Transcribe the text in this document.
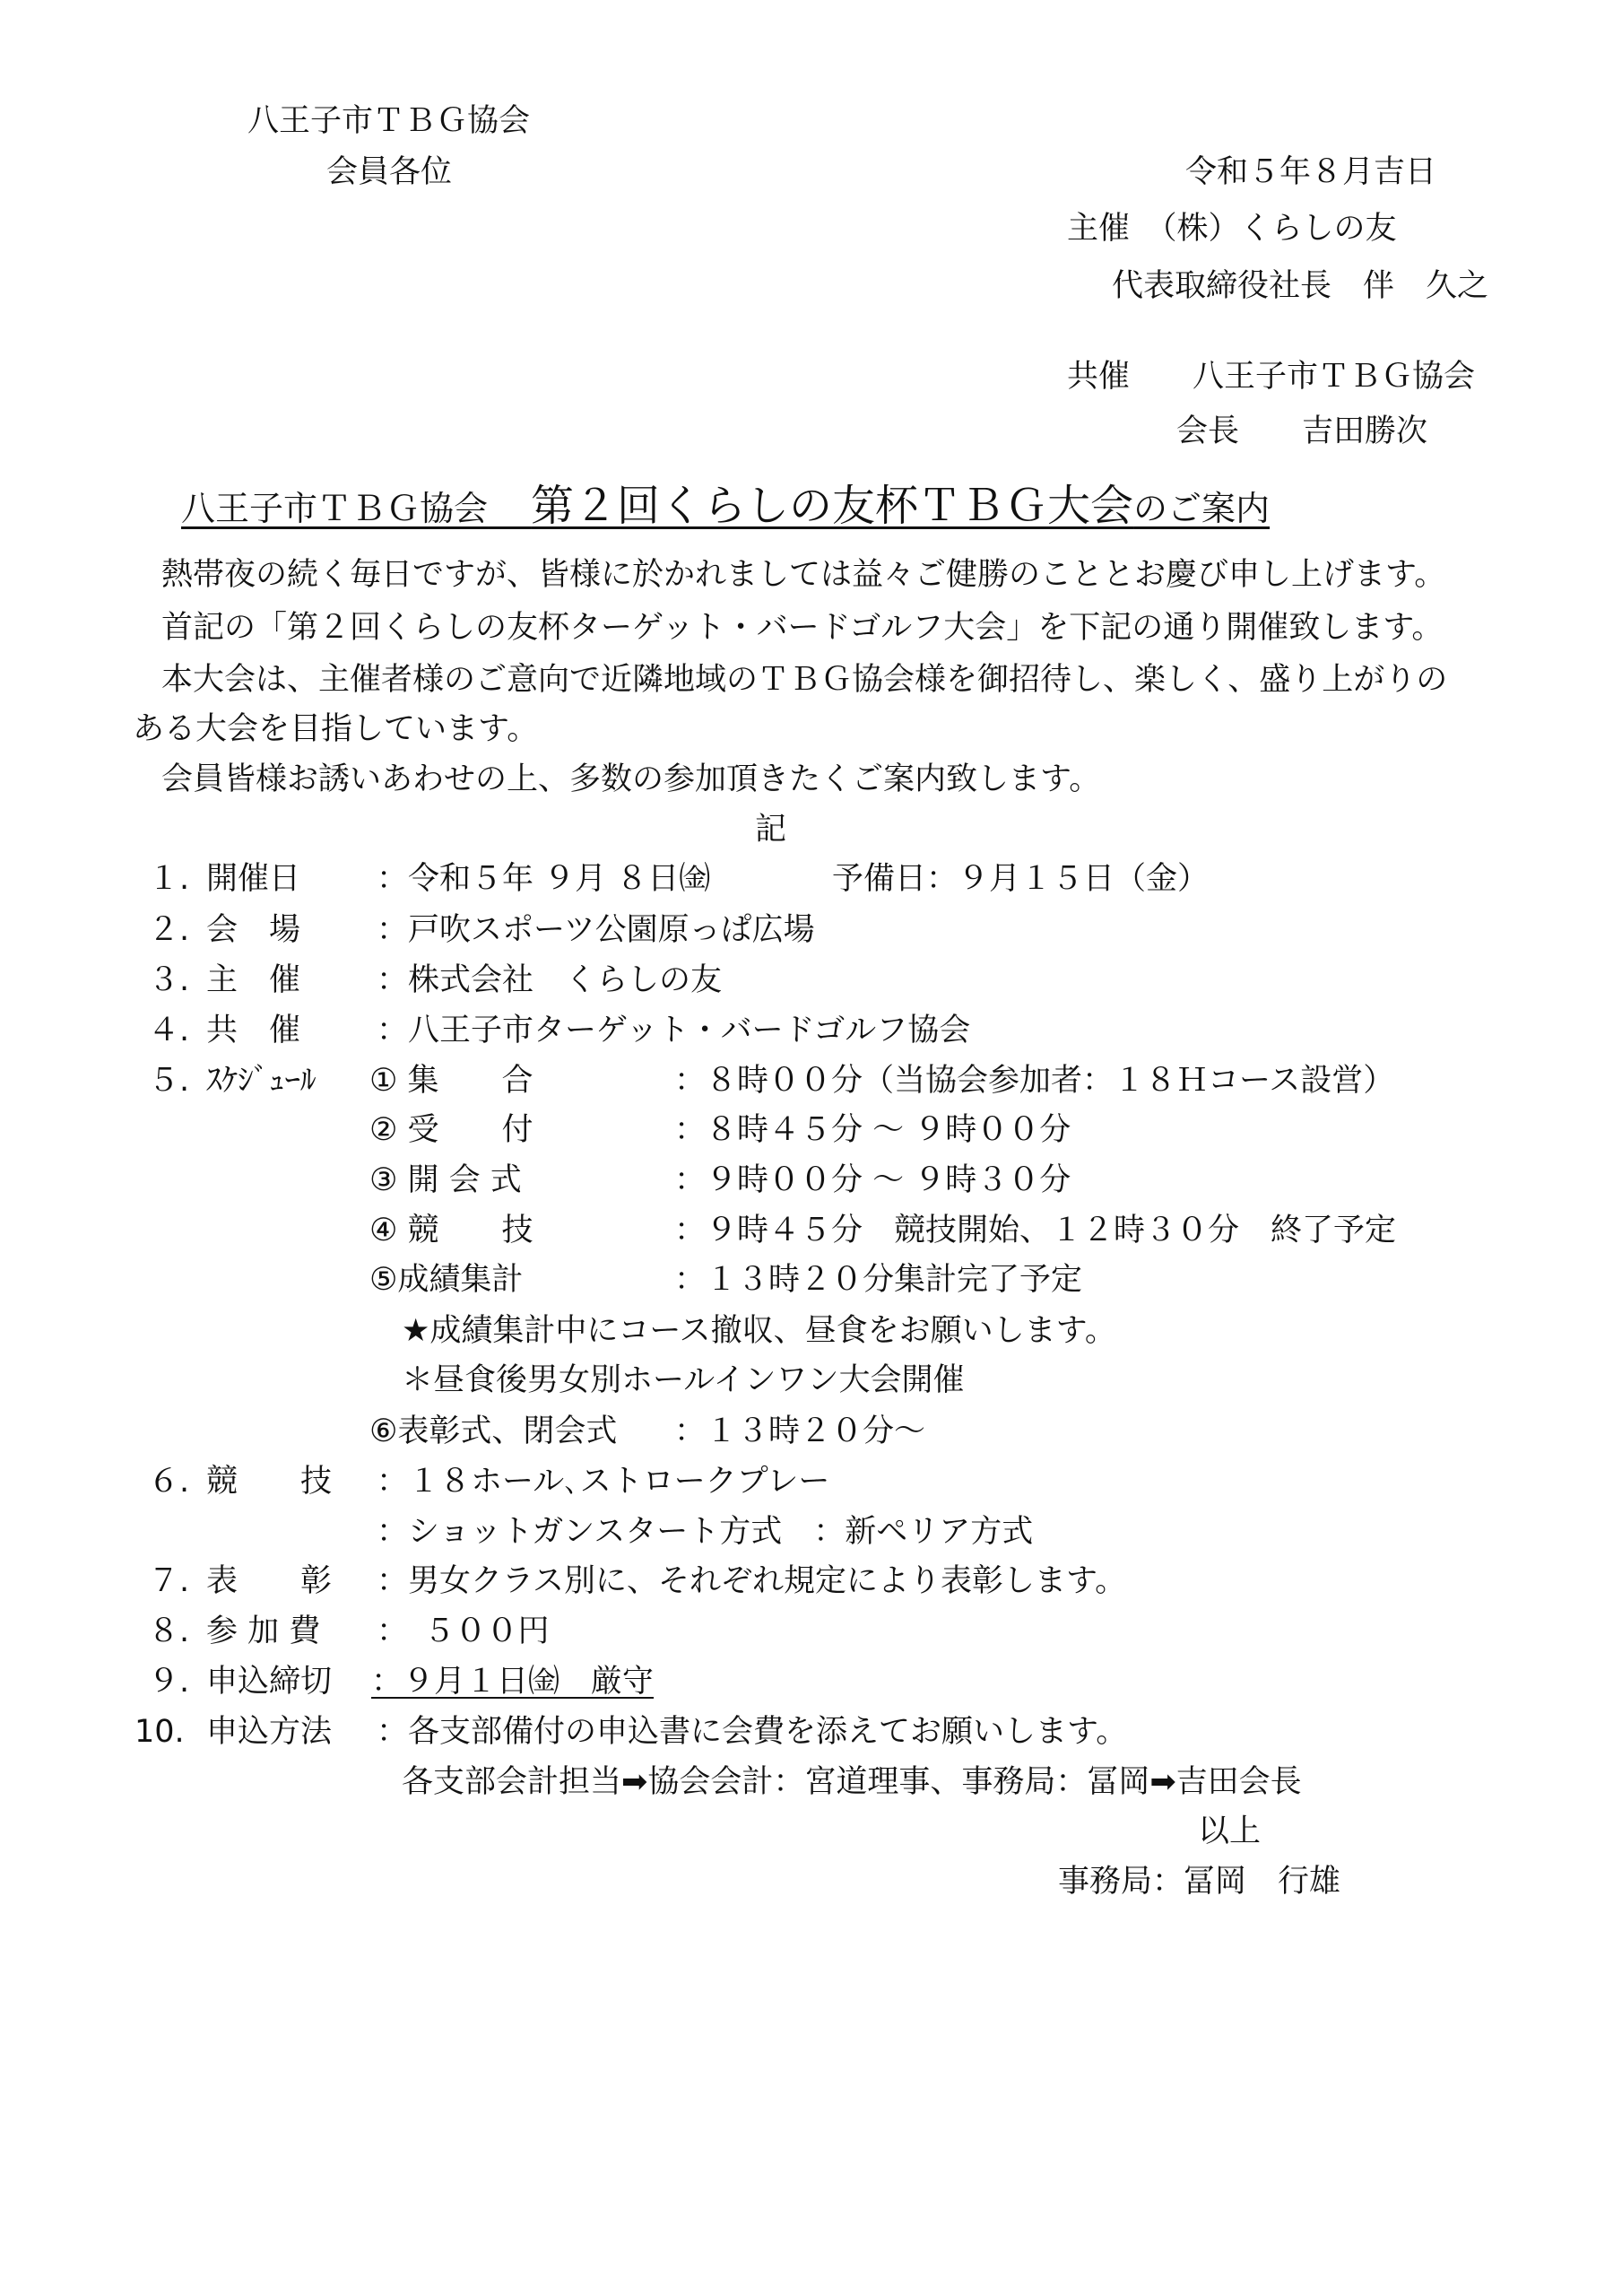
八王子市ＴＢＧ協会
会員各位	令和５年８月吉日
主催　（株）くらしの友
代表取締役社長　伴　久之
共催　　八王子市ＴＢＧ協会
会長　　吉田勝次
八王子市ＴＢＧ協会　 第２回くらしの友杯ＴＢＧ大会のご案内
熱帯夜の続く毎日ですが、皆様に於かれましては益々ご健勝のこととお慶び申し上げます。
首記の「第２回くらしの友杯ターゲット・バードゴルフ大会」を下記の通り開催致します。
本大会は、主催者様のご意向で近隣地域のＴＢＧ協会様を御招待し、楽しく、盛り上がりの
ある大会を目指しています。
会員皆様お誘いあわせの上、多数の参加頂きたくご案内致します。
記
１. 開催日 ：令和５年 ９月 ８日㈮	予備日：９月１５日（金）
２. 会　場 ：戸吹スポーツ公園原っぱ広場
３. 主　催 ：株式会社　くらしの友
４. 共　催 ：八王子市ターゲット・バードゴルフ協会
５. ｽｹｼﾞｭｰﾙ ① 集　　合	：８時００分（当協会参加者：１８Ｈコース設営）
② 受　　付	：８時４５分 ～ ９時００分
③ 開 会 式	：９時００分 ～ ９時３０分
④ 競　　技	：９時４５分　競技開始、１２時３０分　終了予定
⑤成績集計	：１３時２０分集計完了予定
★成績集計中にコース撤収、昼食をお願いします。
＊昼食後男女別ホールインワン大会開催
⑥表彰式、閉会式 ：１３時２０分～
６. 競　　技 ：１８ホール､ストロークプレー
：ショットガンスタート方式　：新ペリア方式
７. 表　　彰 ：男女クラス別に、それぞれ規定により表彰します。
８. 参 加 費 ：　５００円
９. 申込締切 ：９月１日㈮　厳守
10. 申込方法 ：各支部備付の申込書に会費を添えてお願いします。
各支部会計担当➡協会会計：宮道理事、事務局：冨岡➡吉田会長
以上
事務局：冨岡　行雄
